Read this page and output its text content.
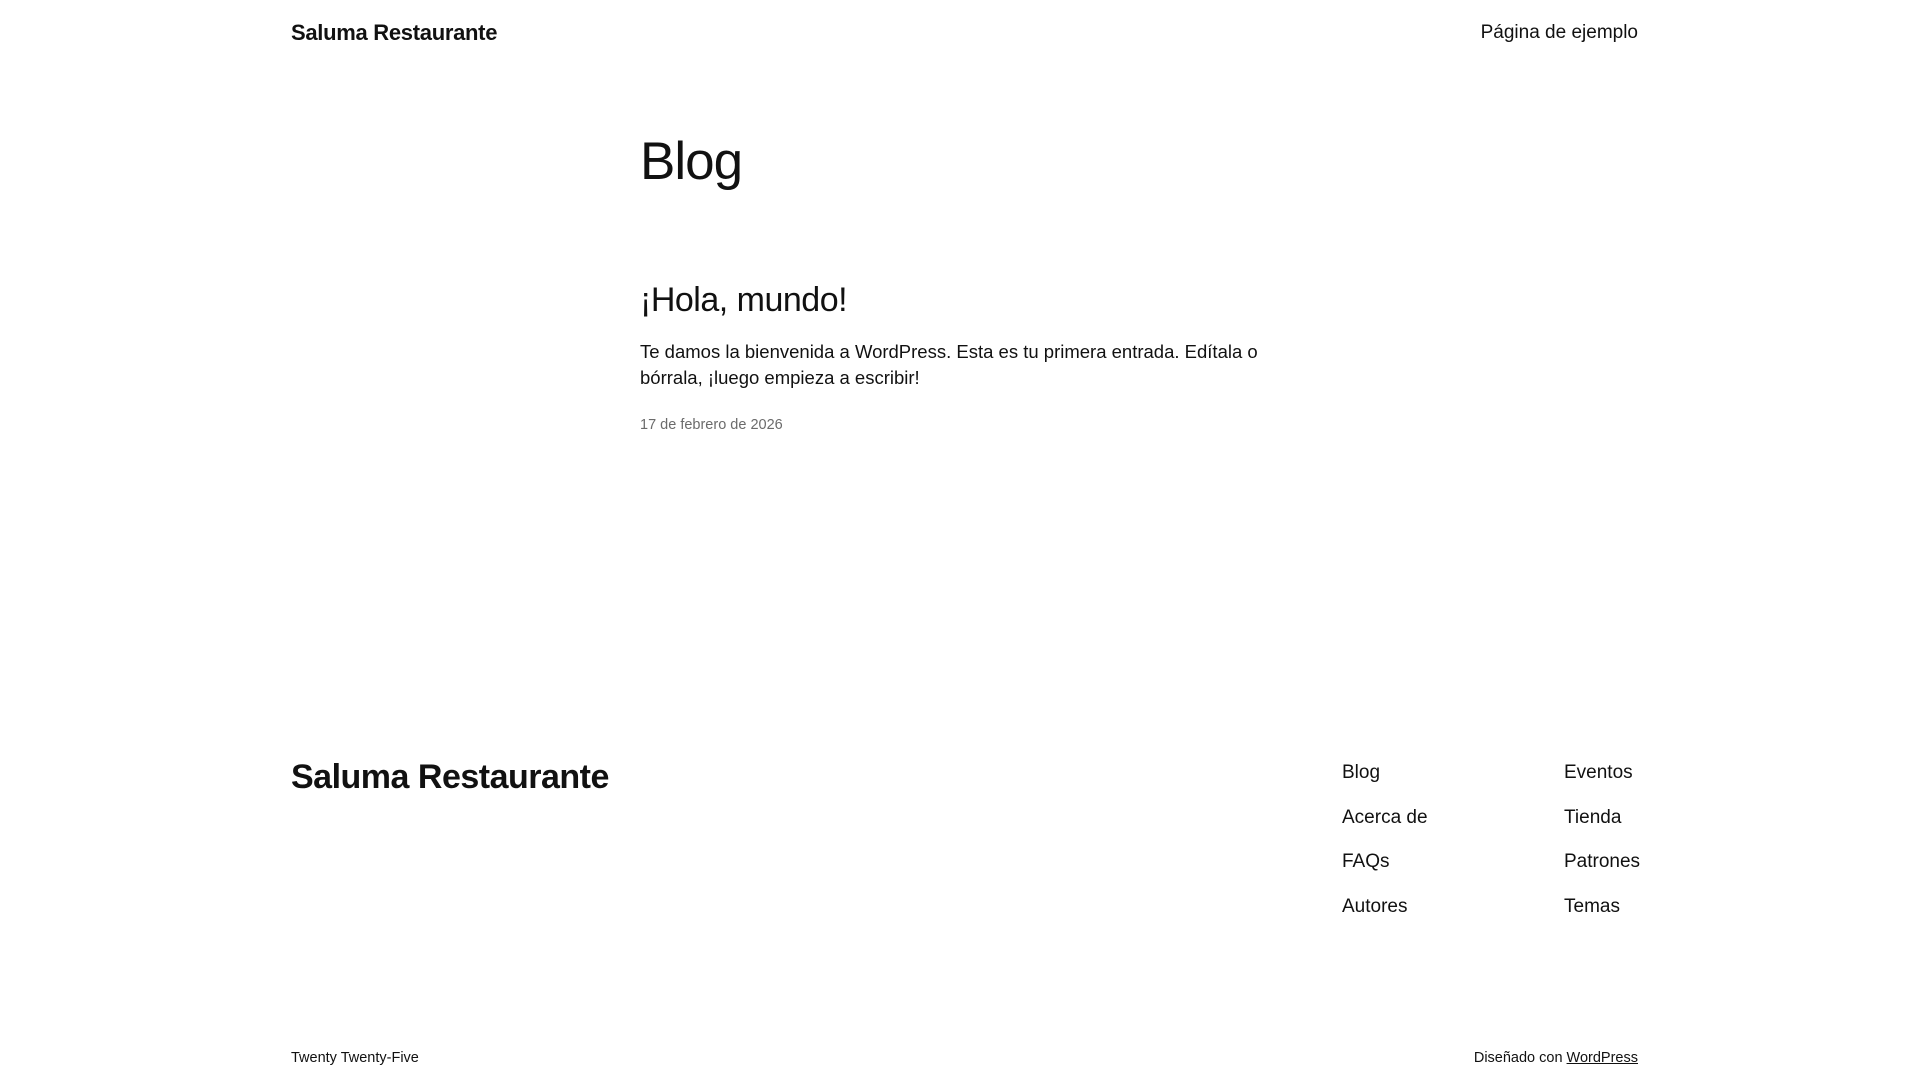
Saluma Restaurante	Página de ejemplo
Blog
¡Hola, mundo!

Te damos la bienvenida a WordPress. Esta es tu primera entrada. Edítala o bórrala, ¡luego empieza a escribir!

17 de febrero de 2026
Saluma Restaurante	Blog
Acerca de
FAQs
Autores
Eventos
Tienda
Patrones
Temas
Twenty Twenty-Five	Diseñado con WordPress
